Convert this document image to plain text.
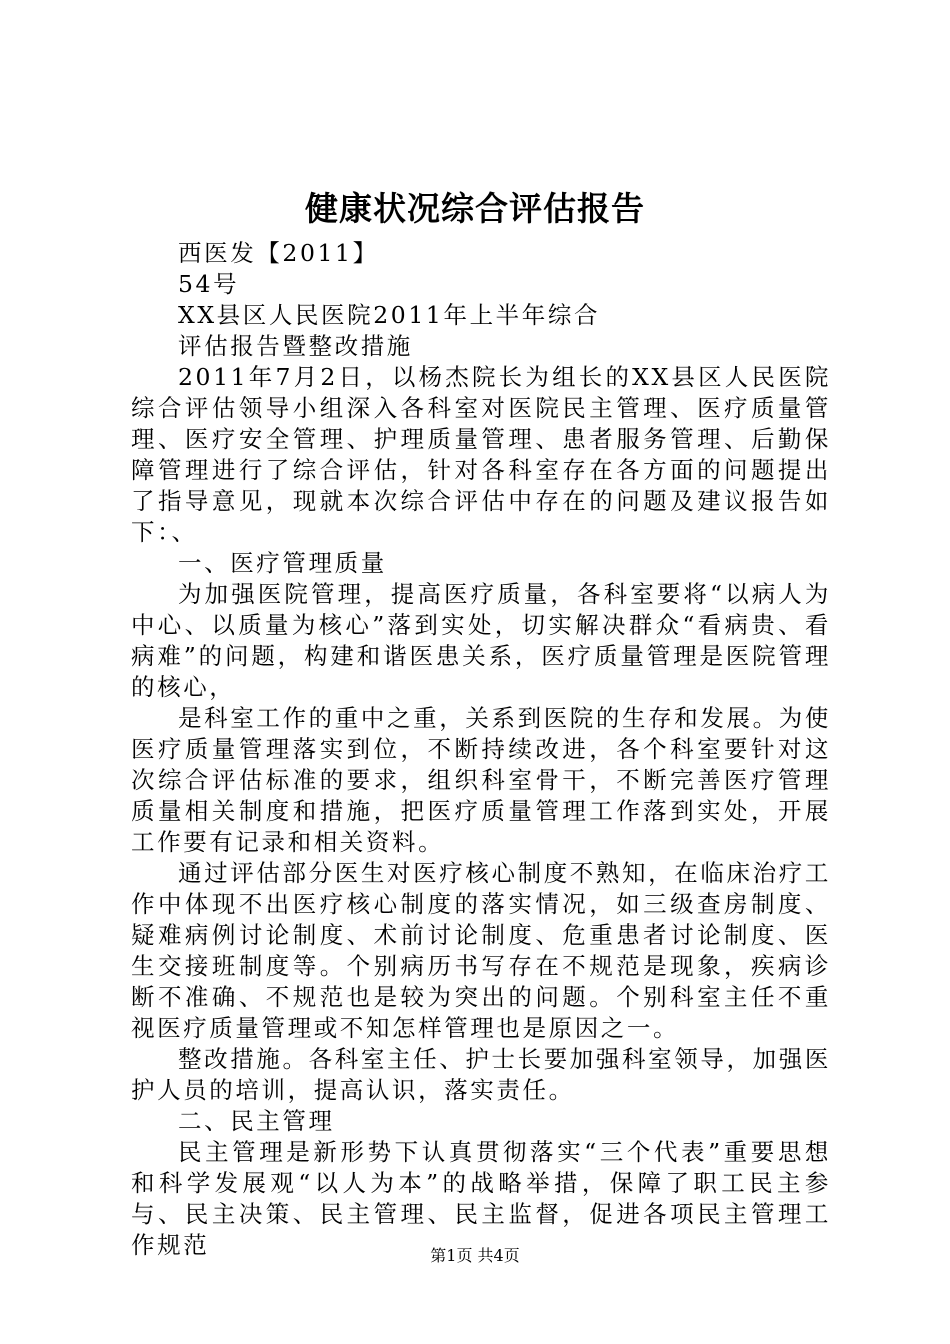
健康状况综合评估报告

西医发【2011】

54号

XX县区人民医院2011年上半年综合

评估报告暨整改措施

2011年7月2日，以杨杰院长为组长的XX县区人民医院综合评估领导小组深入各科室对医院民主管理、医疗质量管理、医疗安全管理、护理质量管理、患者服务管理、后勤保障管理进行了综合评估，针对各科室存在各方面的问题提出了指导意见，现就本次综合评估中存在的问题及建议报告如下：、

一、医疗管理质量

为加强医院管理，提高医疗质量，各科室要将“以病人为中心、以质量为核心”落到实处，切实解决群众“看病贵、看病难”的问题，构建和谐医患关系，医疗质量管理是医院管理的核心，

是科室工作的重中之重，关系到医院的生存和发展。为使医疗质量管理落实到位，不断持续改进，各个科室要针对这次综合评估标准的要求，组织科室骨干，不断完善医疗管理质量相关制度和措施，把医疗质量管理工作落到实处，开展工作要有记录和相关资料。

通过评估部分医生对医疗核心制度不熟知，在临床治疗工作中体现不出医疗核心制度的落实情况，如三级查房制度、疑难病例讨论制度、术前讨论制度、危重患者讨论制度、医生交接班制度等。个别病历书写存在不规范是现象，疾病诊断不准确、不规范也是较为突出的问题。个别科室主任不重视医疗质量管理或不知怎样管理也是原因之一。

整改措施。各科室主任、护士长要加强科室领导，加强医护人员的培训，提高认识，落实责任。

二、民主管理

民主管理是新形势下认真贯彻落实“三个代表”重要思想和科学发展观“以人为本”的战略举措，保障了职工民主参与、民主决策、民主管理、民主监督，促进各项民主管理工作规范	第1页 共4页
